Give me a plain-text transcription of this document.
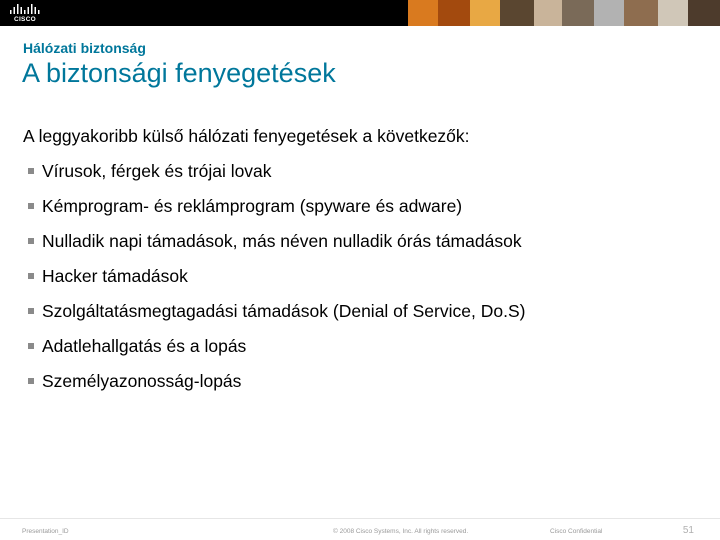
CISCO
Hálózati biztonság
A biztonsági fenyegetések
A leggyakoribb külső hálózati fenyegetések a következők:
Vírusok, férgek és trójai lovak
Kémprogram- és reklámprogram (spyware és adware)
Nulladik napi támadások, más néven nulladik órás támadások
Hacker támadások
Szolgáltatásmegtagadási támadások (Denial of Service, Do.S)
Adatlehallgatás és a lopás
Személyazonosság-lopás
Presentation_ID	© 2008 Cisco Systems, Inc. All rights reserved.	Cisco Confidential	51
